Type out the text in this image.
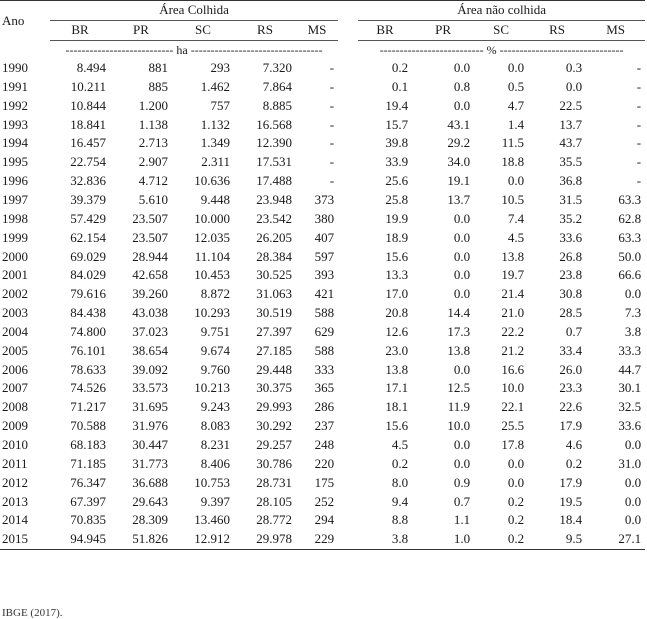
Ano	Área Colhida						Área não colhida				
	BR	PR	SC	RS	MS		BR	PR	SC	RS	MS
	--------------------------- ha ---------------------------------						-------------------------- % -------------------------------				
1990	8.494	881	293	7.320	-		0.2	0.0	0.0	0.3	-
1991	10.211	885	1.462	7.864	-		0.1	0.8	0.5	0.0	-
1992	10.844	1.200	757	8.885	-		19.4	0.0	4.7	22.5	-
1993	18.841	1.138	1.132	16.568	-		15.7	43.1	1.4	13.7	-
1994	16.457	2.713	1.349	12.390	-		39.8	29.2	11.5	43.7	-
1995	22.754	2.907	2.311	17.531	-		33.9	34.0	18.8	35.5	-
1996	32.836	4.712	10.636	17.488	-		25.6	19.1	0.0	36.8	-
1997	39.379	5.610	9.448	23.948	373		25.8	13.7	10.5	31.5	63.3
1998	57.429	23.507	10.000	23.542	380		19.9	0.0	7.4	35.2	62.8
1999	62.154	23.507	12.035	26.205	407		18.9	0.0	4.5	33.6	63.3
2000	69.029	28.944	11.104	28.384	597		15.6	0.0	13.8	26.8	50.0
2001	84.029	42.658	10.453	30.525	393		13.3	0.0	19.7	23.8	66.6
2002	79.616	39.260	8.872	31.063	421		17.0	0.0	21.4	30.8	0.0
2003	84.438	43.038	10.293	30.519	588		20.8	14.4	21.0	28.5	7.3
2004	74.800	37.023	9.751	27.397	629		12.6	17.3	22.2	0.7	3.8
2005	76.101	38.654	9.674	27.185	588		23.0	13.8	21.2	33.4	33.3
2006	78.633	39.092	9.760	29.448	333		13.8	0.0	16.6	26.0	44.7
2007	74.526	33.573	10.213	30.375	365		17.1	12.5	10.0	23.3	30.1
2008	71.217	31.695	9.243	29.993	286		18.1	11.9	22.1	22.6	32.5
2009	70.588	31.976	8.083	30.292	237		15.6	10.0	25.5	17.9	33.6
2010	68.183	30.447	8.231	29.257	248		4.5	0.0	17.8	4.6	0.0
2011	71.185	31.773	8.406	30.786	220		0.2	0.0	0.0	0.2	31.0
2012	76.347	36.688	10.753	28.731	175		8.0	0.9	0.0	17.9	0.0
2013	67.397	29.643	9.397	28.105	252		9.4	0.7	0.2	19.5	0.0
2014	70.835	28.309	13.460	28.772	294		8.8	1.1	0.2	18.4	0.0
2015	94.945	51.826	12.912	29.978	229		3.8	1.0	0.2	9.5	27.1
IBGE (2017).
